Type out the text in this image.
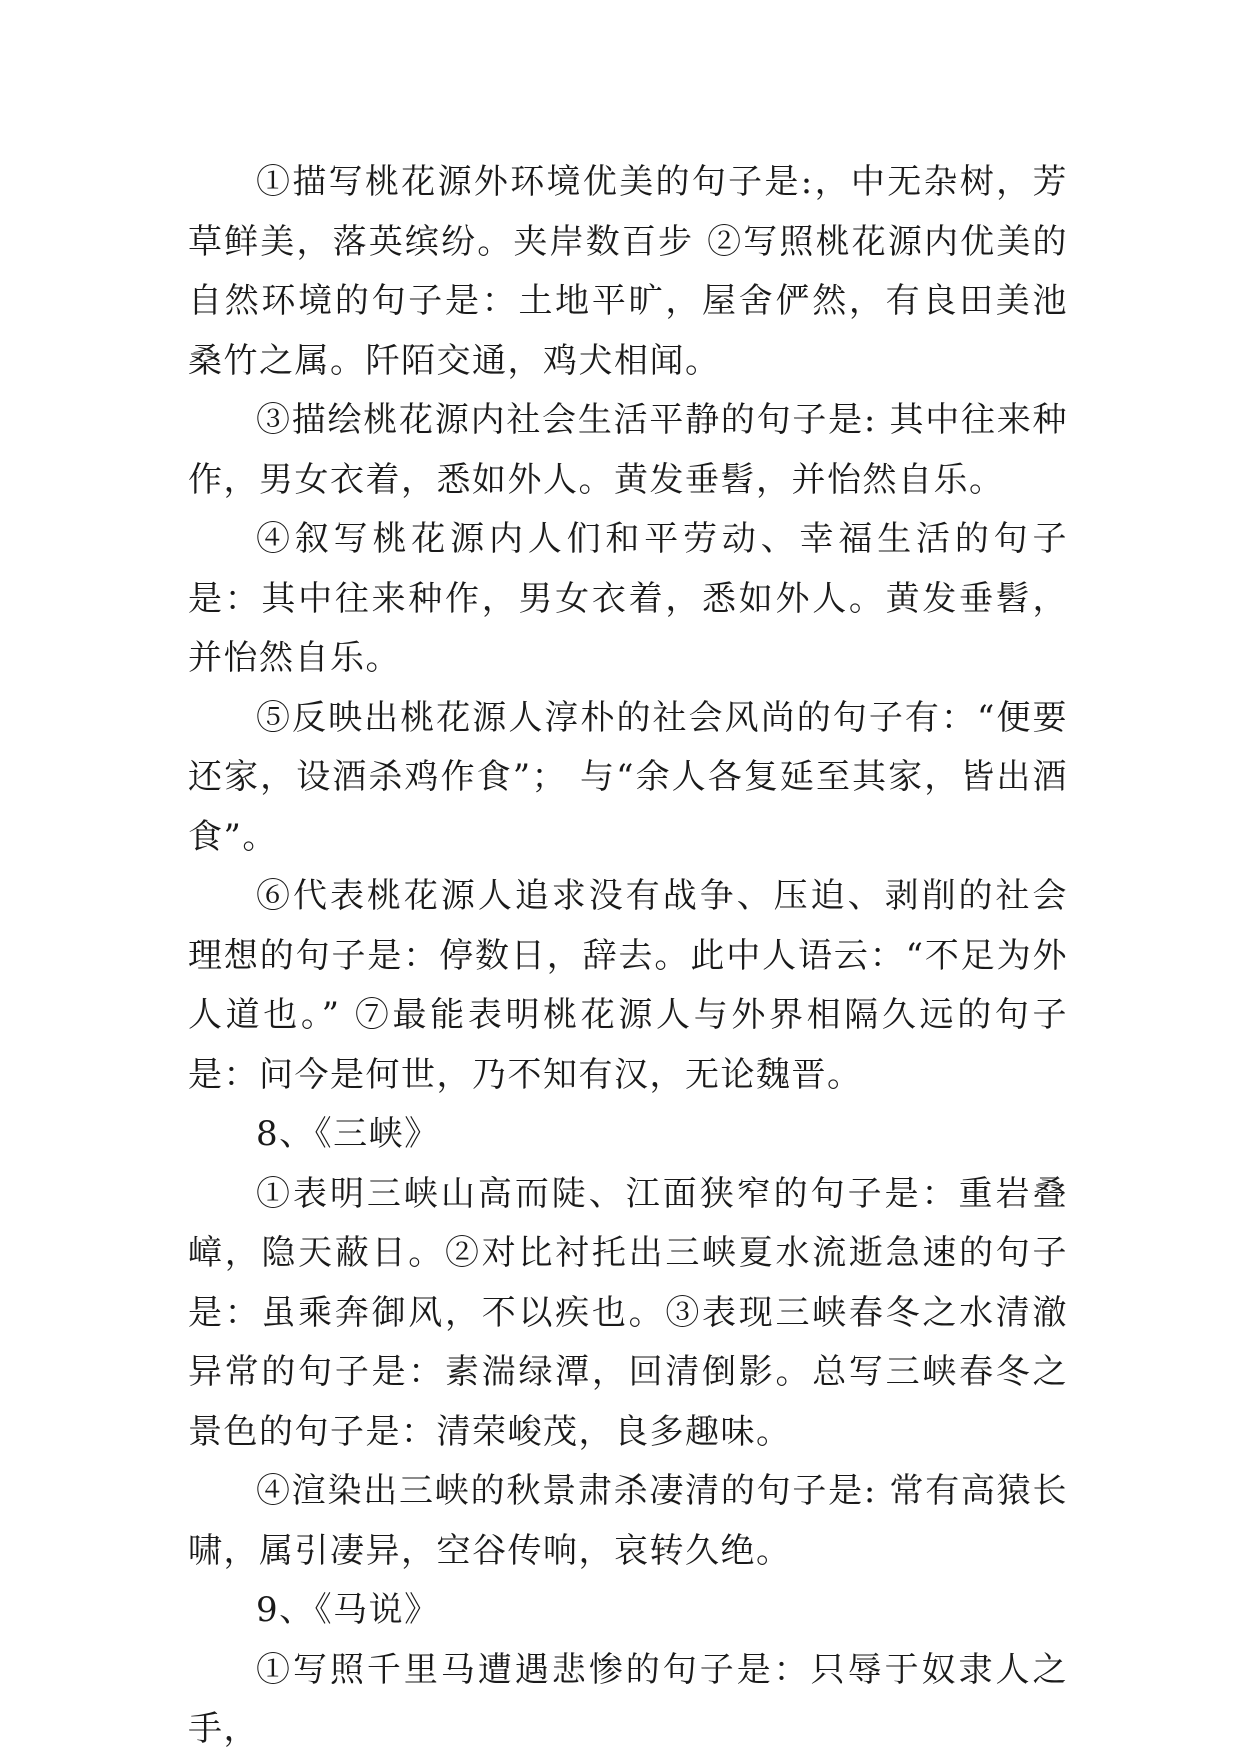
①描写桃花源外环境优美的句子是:，中无杂树，芳草鲜美，落英缤纷。夹岸数百步 ②写照桃花源内优美的自然环境的句子是：土地平旷，屋舍俨然，有良田美池桑竹之属。阡陌交通，鸡犬相闻。

③描绘桃花源内社会生活平静的句子是: 其中往来种作，男女衣着，悉如外人。黄发垂髫，并怡然自乐。

④叙写桃花源内人们和平劳动、幸福生活的句子是：其中往来种作，男女衣着，悉如外人。黄发垂髫，并怡然自乐。

⑤反映出桃花源人淳朴的社会风尚的句子有：“便要还家，设酒杀鸡作食”； 与“余人各复延至其家，皆出酒食”。

⑥代表桃花源人追求没有战争、压迫、剥削的社会理想的句子是：停数日，辞去。此中人语云：“不足为外人道也。” ⑦最能表明桃花源人与外界相隔久远的句子是：问今是何世，乃不知有汉，无论魏晋。

8、《三峡》

①表明三峡山高而陡、江面狭窄的句子是：重岩叠嶂，隐天蔽日。②对比衬托出三峡夏水流逝急速的句子是：虽乘奔御风，不以疾也。③表现三峡春冬之水清澈异常的句子是：素湍绿潭，回清倒影。总写三峡春冬之景色的句子是：清荣峻茂，良多趣味。

④渲染出三峡的秋景肃杀凄清的句子是: 常有高猿长啸，属引凄异，空谷传响，哀转久绝。

9、《马说》

①写照千里马遭遇悲惨的句子是：只辱于奴隶人之手，
